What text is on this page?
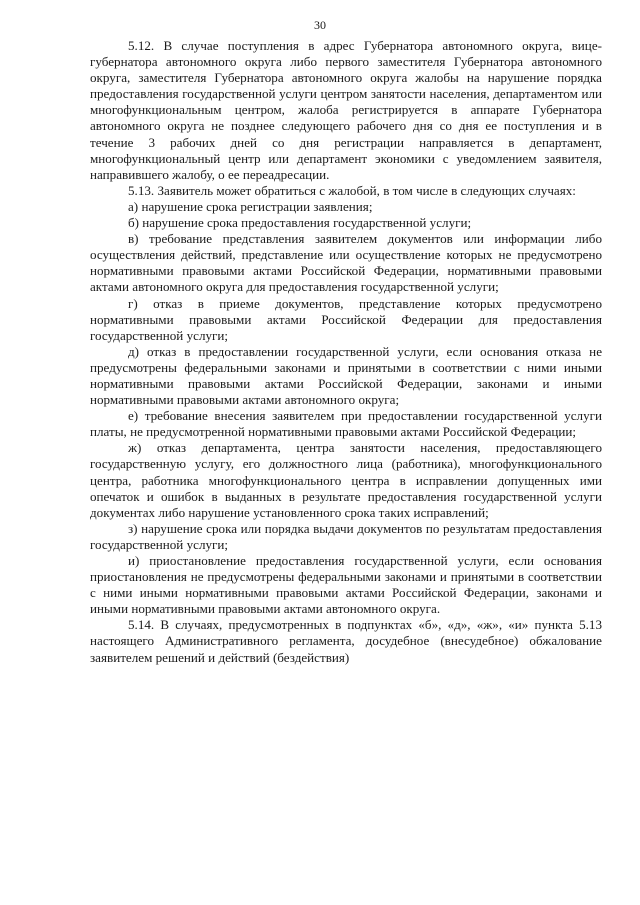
30

5.12. В случае поступления в адрес Губернатора автономного округа, вице-губернатора автономного округа либо первого заместителя Губернатора автономного округа, заместителя Губернатора автономного округа жалобы на нарушение порядка предоставления государственной услуги центром занятости населения, департаментом или многофункциональным центром, жалоба регистрируется в аппарате Губернатора автономного округа не позднее следующего рабочего дня со дня ее поступления и в течение 3 рабочих дней со дня регистрации направляется в департамент, многофункциональный центр или департамент экономики с уведомлением заявителя, направившего жалобу, о ее переадресации.

5.13. Заявитель может обратиться с жалобой, в том числе в следующих случаях:

а) нарушение срока регистрации заявления;

б) нарушение срока предоставления государственной услуги;

в) требование представления заявителем документов или информации либо осуществления действий, представление или осуществление которых не предусмотрено нормативными правовыми актами Российской Федерации, нормативными правовыми актами автономного округа для предоставления государственной услуги;

г) отказ в приеме документов, представление которых предусмотрено нормативными правовыми актами Российской Федерации для предоставления государственной услуги;

д) отказ в предоставлении государственной услуги, если основания отказа не предусмотрены федеральными законами и принятыми в соответствии с ними иными нормативными правовыми актами Российской Федерации, законами и иными нормативными правовыми актами автономного округа;

е) требование внесения заявителем при предоставлении государственной услуги платы, не предусмотренной нормативными правовыми актами Российской Федерации;

ж) отказ департамента, центра занятости населения, предоставляющего государственную услугу, его должностного лица (работника), многофункционального центра, работника многофункционального центра в исправлении допущенных ими опечаток и ошибок в выданных в результате предоставления государственной услуги документах либо нарушение установленного срока таких исправлений;

з) нарушение срока или порядка выдачи документов по результатам предоставления государственной услуги;

и) приостановление предоставления государственной услуги, если основания приостановления не предусмотрены федеральными законами и принятыми в соответствии с ними иными нормативными правовыми актами Российской Федерации, законами и иными нормативными правовыми актами автономного округа.

5.14. В случаях, предусмотренных в подпунктах «б», «д», «ж», «и» пункта 5.13 настоящего Административного регламента, досудебное (внесудебное) обжалование заявителем решений и действий (бездействия)
